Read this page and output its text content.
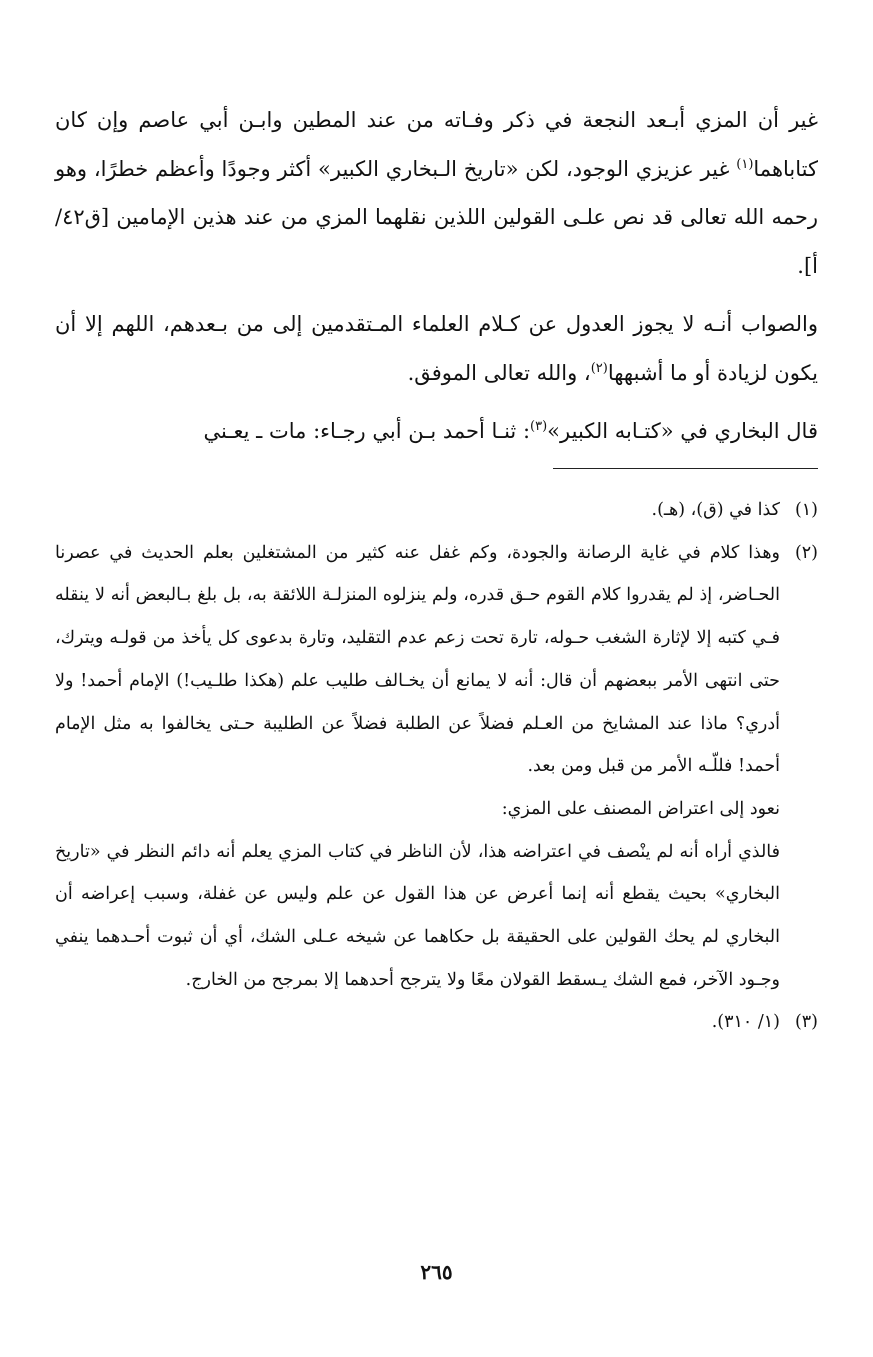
غير أن المزي أبـعد النجعة في ذكر وفـاته من عند المطين وابـن أبي عاصم وإن كان كتاباهما$^{(١)}$ غير عزيزي الوجود، لكن «تاريخ الـبخاري الكبير» أكثر وجودًا وأعظم خطرًا، وهو رحمه الله تعالى قد نص علـى القولين اللذين نقلهما المزي من عند هذين الإمامين [ق٤٢/أ].

والصواب أنـه لا يجوز العدول عن كـلام العلماء المـتقدمين إلى من بـعدهم، اللهم إلا أن يكون لزيادة أو ما أشبهها$^{(٢)}$، والله تعالى الموفق.

قال البخاري في «كتـابه الكبير»$^{(٣)}$: ثنـا أحمد بـن أبي رجـاء: مات ـ يعـني

(١)

كذا في (ق)، (هـ).

(٢)

وهذا كلام في غاية الرصانة والجودة، وكم غفل عنه كثير من المشتغلين بعلم الحديث في عصرنا الحـاضر، إذ لم يقدروا كلام القوم حـق قدره، ولم ينزلوه المنزلـة اللائقة به، بل بلغ بـالبعض أنه لا ينقله فـي كتبه إلا لإثارة الشغب حـوله، تارة تحت زعم عدم التقليد، وتارة بدعوى كل يأخذ من قولـه ويترك، حتى انتهى الأمر ببعضهم أن قال: أنه لا يمانع أن يخـالف طليب علم (هكذا طلـيب!) الإمام أحمد! ولا أدري؟ ماذا عند المشايخ من العـلم فضلاً عن الطلبة فضلاً عن الطليبة حـتى يخالفوا به مثل الإمام أحمد! فللّـه الأمر من قبل ومن بعد.

نعود إلى اعتراض المصنف على المزي:

فالذي أراه أنه لم ينْصف في اعتراضه هذا، لأن الناظر في كتاب المزي يعلم أنه دائم النظر في «تاريخ البخاري» بحيث يقطع أنه إنما أعرض عن هذا القول عن علم وليس عن غفلة، وسبب إعراضه أن البخاري لم يحك القولين على الحقيقة بل حكاهما عن شيخه عـلى الشك، أي أن ثبوت أحـدهما ينفي وجـود الآخر، فمع الشك يـسقط القولان معًا ولا يترجح أحدهما إلا بمرجح من الخارج.

(٣)

(١/ ٣١٠).

٢٦٥
